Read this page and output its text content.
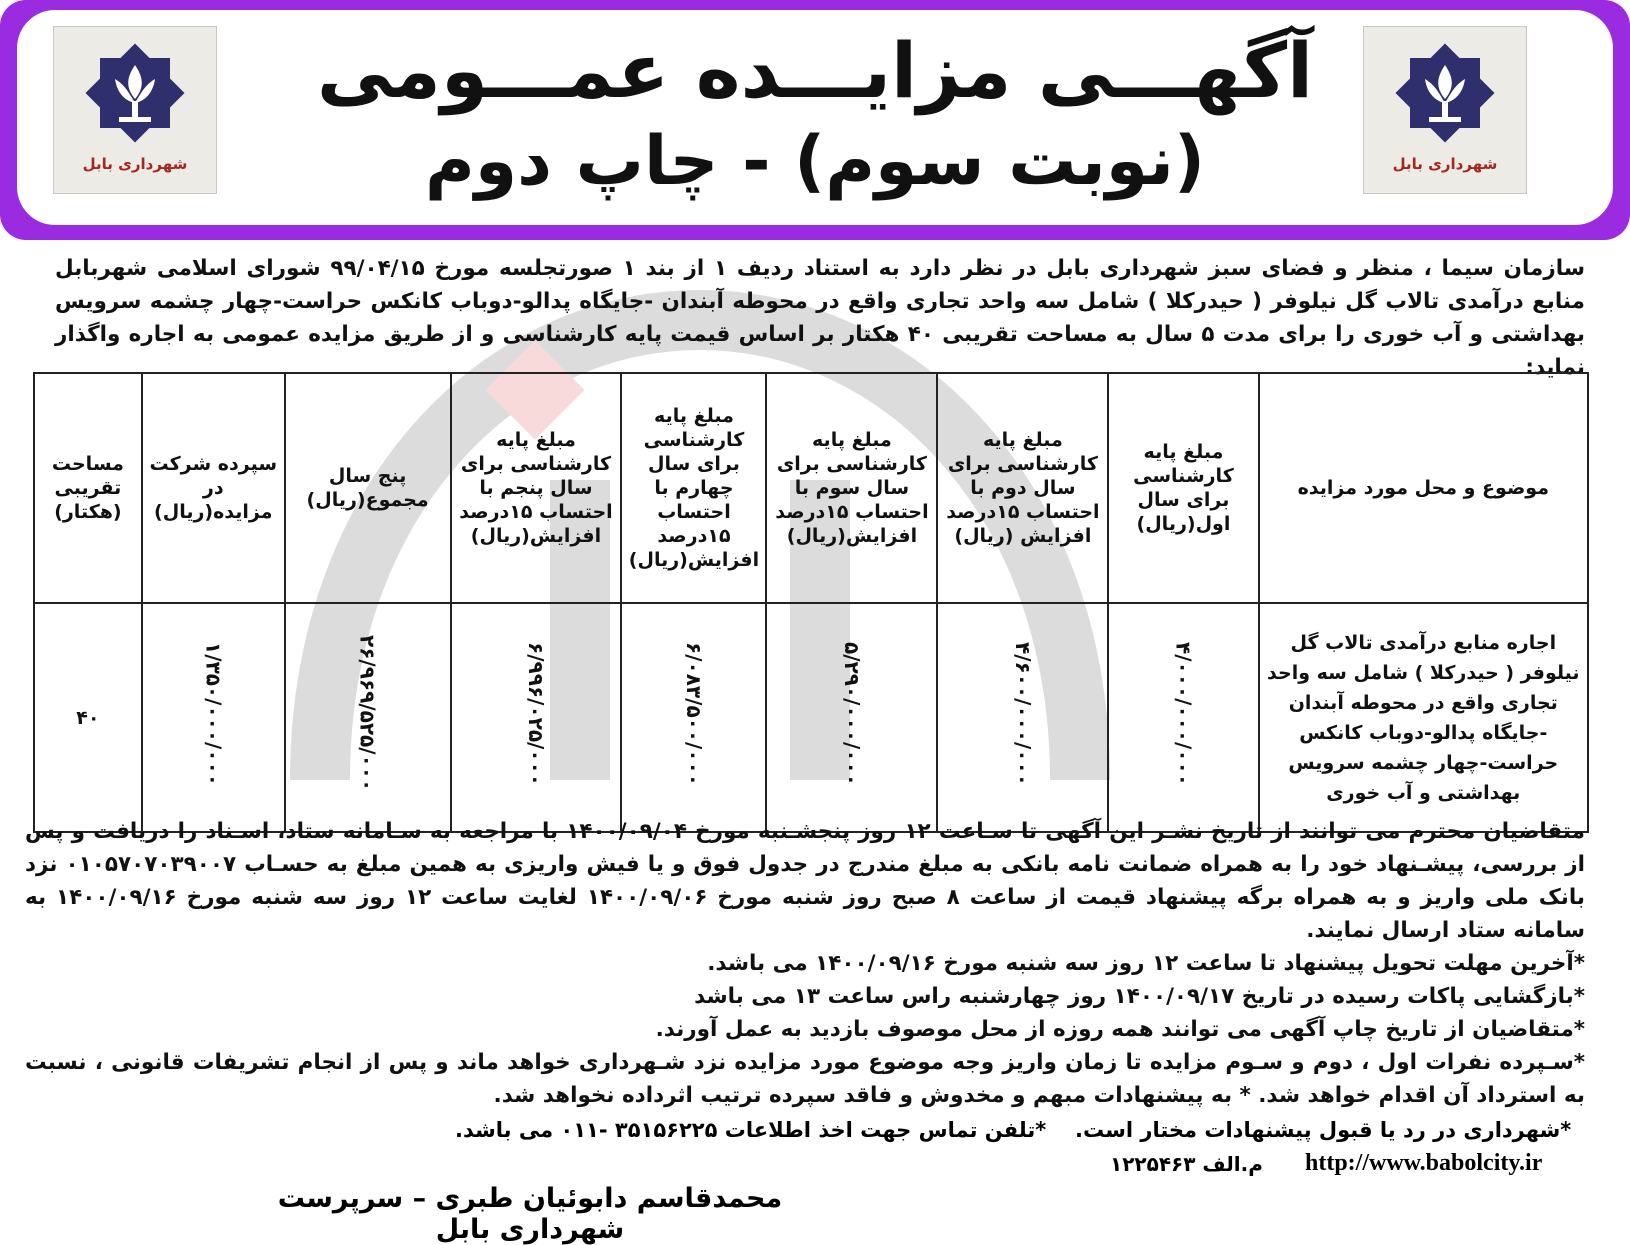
شهرداری بابل	شهرداری بابل
آگهـــی مزایـــده عمـــومی
(نوبت سوم) - چاپ دوم
سازمان سیما ، منظر و فضای سبز شهرداری بابل در نظر دارد به استناد ردیف ۱ از بند ۱ صورتجلسه مورخ ۹۹/۰۴/۱۵ شورای اسلامی شهربابل منابع درآمدی تالاب گل نیلوفر ( حیدرکلا ) شامل سه واحد تجاری واقع در محوطه آبندان -جایگاه پدالو-دوباب کانکس حراست-چهار چشمه سرویس بهداشتی و آب خوری را برای مدت ۵ سال به مساحت تقریبی ۴۰ هکتار بر اساس قیمت پایه کارشناسی و از طریق مزایده عمومی به اجاره واگذار نماید:
موضوع و محل مورد مزایده	مبلغ پایه کارشناسی برای سال اول(ریال)	مبلغ پایه کارشناسی برای سال دوم با احتساب ۱۵درصد افزایش (ریال)	مبلغ پایه کارشناسی برای سال سوم با احتساب ۱۵درصد افزایش(ریال)	مبلغ پایه کارشناسی برای سال چهارم با احتساب ۱۵درصد افزایش(ریال)	مبلغ پایه کارشناسی برای سال پنجم با احتساب ۱۵درصد افزایش(ریال)	پنج سال مجموع(ریال)	سپرده شرکت در مزایده(ریال)	مساحت تقریبی (هکتار)
اجاره منابع درآمدی تالاب گل نیلوفر ( حیدرکلا ) شامل سه واحد تجاری واقع در محوطه آبندان -جایگاه پدالو-دوباب کانکس حراست-چهار چشمه سرویس بهداشتی و آب خوری	۴/۰۰۰/۰۰۰/۰۰۰	۴/۶۰۰/۰۰۰/۰۰۰	۵/۲۹۰/۰۰۰/۰۰۰	۶/۰۸۳/۵۰۰/۰۰۰	۶/۹۹۶/۰۲۵/۰۰۰	۲۶/۹۶۹/۵۲۵/۰۰۰	۱/۳۵۰/۰۰۰/۰۰۰	۴۰

متقاضیان محترم می توانند از تاریخ نشـر این آگهی تا سـاعت ۱۲ روز پنجشـنبه مورخ ۱۴۰۰/۰۹/۰۴ با مراجعه به سـامانه ستاد، اسـناد را دریافت و پس از بررسی، پیشـنهاد خود را به همراه ضمانت نامه بانکی به مبلغ مندرج در جدول فوق و یا فیش واریزی به همین مبلغ به حسـاب ۰۱۰۵۷۰۷۰۳۹۰۰۷ نزد بانک ملی واریز و به همراه برگه پیشنهاد قیمت از ساعت ۸ صبح روز شنبه مورخ ۱۴۰۰/۰۹/۰۶ لغایت ساعت ۱۲ روز سه شنبه مورخ ۱۴۰۰/۰۹/۱۶ به سامانه ستاد ارسال نمایند.

*آخرین مهلت تحویل پیشنهاد تا ساعت ۱۲ روز سه شنبه مورخ ۱۴۰۰/۰۹/۱۶ می باشد.

*بازگشایی پاکات رسیده در تاریخ ۱۴۰۰/۰۹/۱۷ روز چهارشنبه راس ساعت ۱۳ می باشد

*متقاضیان از تاریخ چاپ آگهی می توانند همه روزه از محل موصوف بازدید به عمل آورند.

*سـپرده نفرات اول ، دوم و سـوم مزایده تا زمان واریز وجه موضوع مورد مزایده نزد شـهرداری خواهد ماند و پس از انجام تشریفات قانونی ، نسبت به استرداد آن اقدام خواهد شد. * به پیشنهادات مبهم و مخدوش و فاقد سپرده ترتیب اثرداده نخواهد شد.

*شهرداری در رد یا قبول پیشنهادات مختار است.
*تلفن تماس جهت اخذ اطلاعات ۳۵۱۵۶۲۲۵ -۰۱۱ می باشد.
http://www.babolcity.ir
م.الف ۱۲۲۵۴۶۳
محمدقاسم دابوئیان طبری – سرپرست شهرداری بابل
